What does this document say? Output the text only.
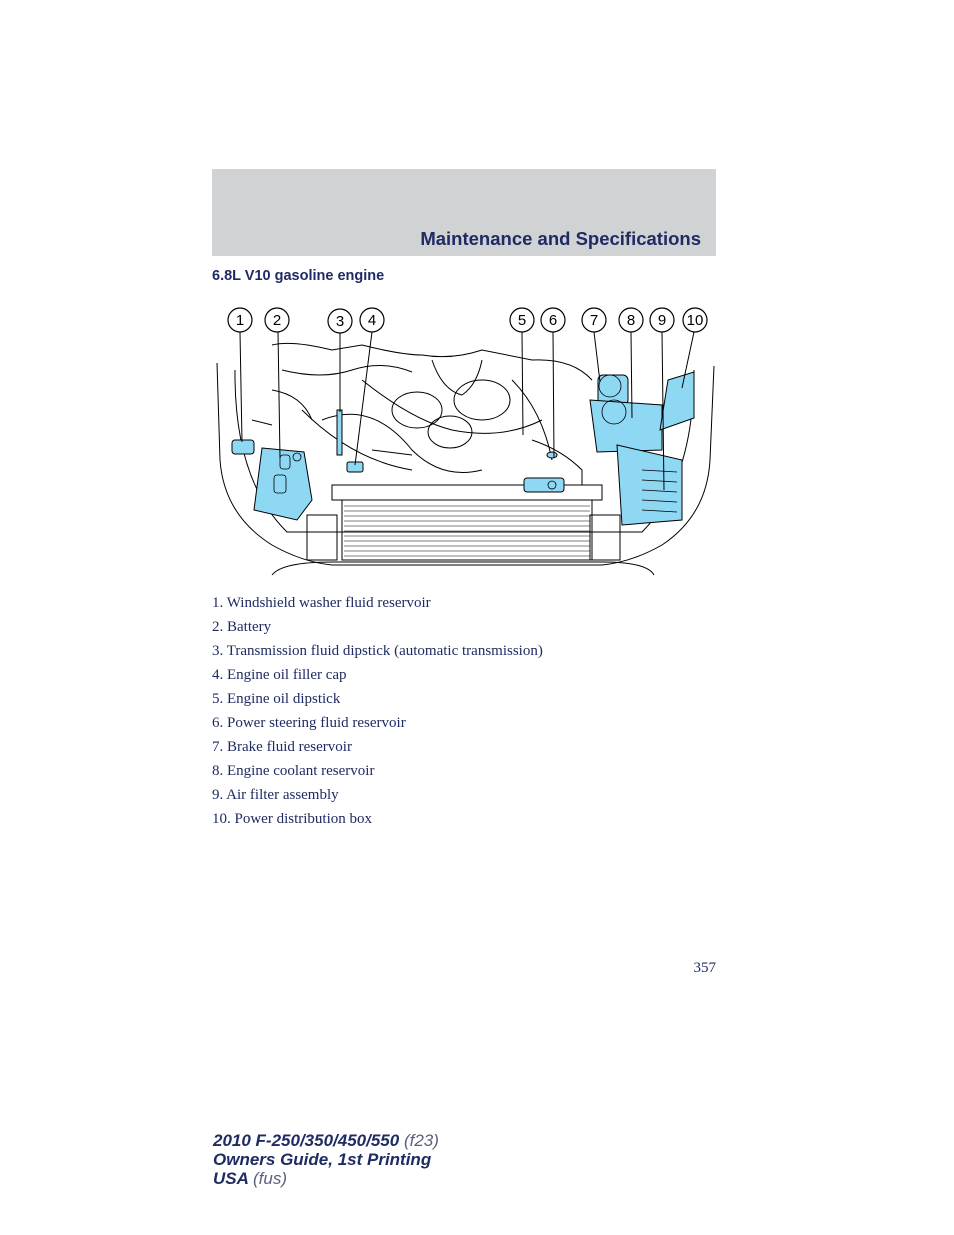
Maintenance and Specifications
6.8L V10 gasoline engine
1 2	3 4	5 6 7 8 9 10
1. Windshield washer fluid reservoir
2. Battery
3. Transmission fluid dipstick (automatic transmission)
4. Engine oil filler cap
5. Engine oil dipstick
6. Power steering fluid reservoir
7. Brake fluid reservoir
8. Engine coolant reservoir
9. Air filter assembly
10. Power distribution box
357
2010 F-250/350/450/550 (f23)
Owners Guide, 1st Printing
USA (fus)
